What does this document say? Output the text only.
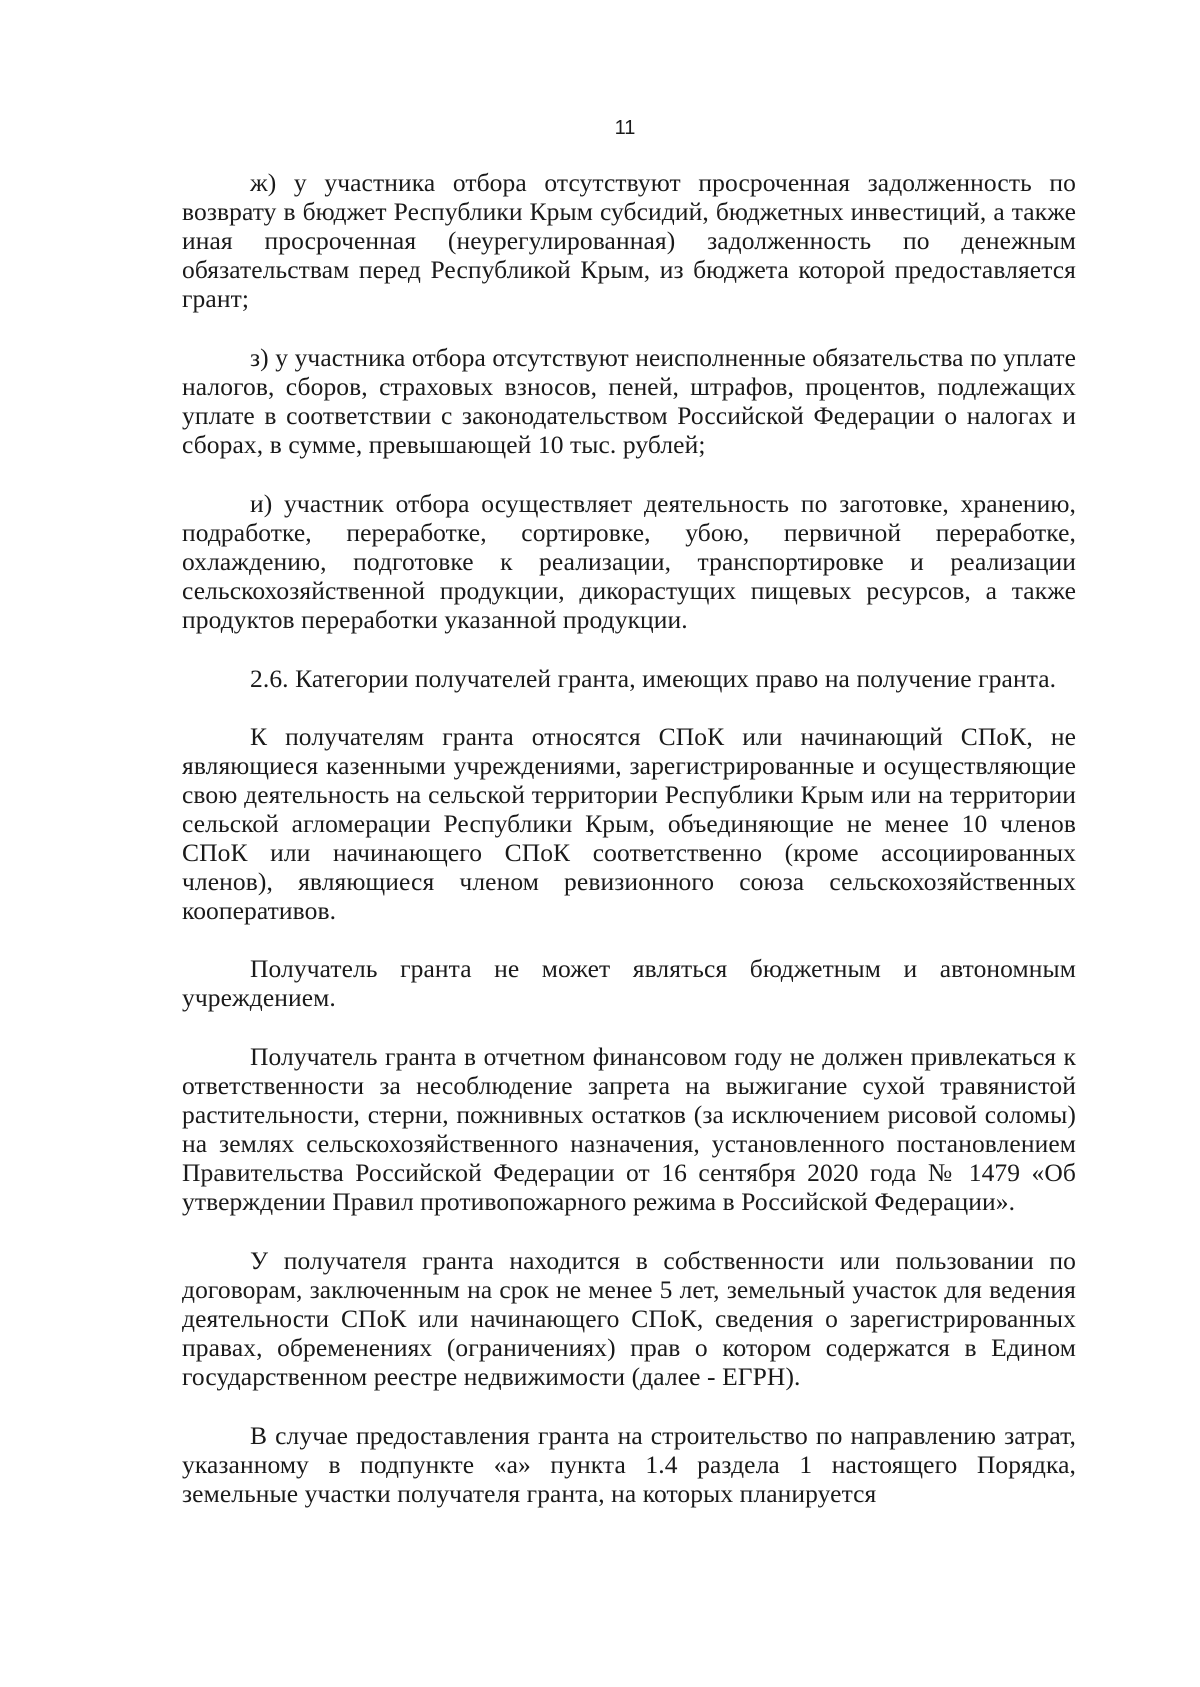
11

ж) у участника отбора отсутствуют просроченная задолженность по возврату в бюджет Республики Крым субсидий, бюджетных инвестиций, а также иная просроченная (неурегулированная) задолженность по денежным обязательствам перед Республикой Крым, из бюджета которой предоставляется грант;

з) у участника отбора отсутствуют неисполненные обязательства по уплате налогов, сборов, страховых взносов, пеней, штрафов, процентов, подлежащих уплате в соответствии с законодательством Российской Федерации о налогах и сборах, в сумме, превышающей 10 тыс. рублей;

и) участник отбора осуществляет деятельность по заготовке, хранению, подработке, переработке, сортировке, убою, первичной переработке, охлаждению, подготовке к реализации, транспортировке и реализации сельскохозяйственной продукции, дикорастущих пищевых ресурсов, а также продуктов переработки указанной продукции.

2.6. Категории получателей гранта, имеющих право на получение гранта.

К получателям гранта относятся СПоК или начинающий СПоК, не являющиеся казенными учреждениями, зарегистрированные и осуществляющие свою деятельность на сельской территории Республики Крым или на территории сельской агломерации Республики Крым, объединяющие не менее 10 членов СПоК или начинающего СПоК соответственно (кроме ассоциированных членов), являющиеся членом ревизионного союза сельскохозяйственных кооперативов.

Получатель гранта не может являться бюджетным и автономным учреждением.

Получатель гранта в отчетном финансовом году не должен привлекаться к ответственности за несоблюдение запрета на выжигание сухой травянистой растительности, стерни, пожнивных остатков (за исключением рисовой соломы) на землях сельскохозяйственного назначения, установленного постановлением Правительства Российской Федерации от 16 сентября 2020 года № 1479 «Об утверждении Правил противопожарного режима в Российской Федерации».

У получателя гранта находится в собственности или пользовании по договорам, заключенным на срок не менее 5 лет, земельный участок для ведения деятельности СПоК или начинающего СПоК, сведения о зарегистрированных правах, обременениях (ограничениях) прав о котором содержатся в Едином государственном реестре недвижимости (далее - ЕГРН).

В случае предоставления гранта на строительство по направлению затрат, указанному в подпункте «а» пункта 1.4 раздела 1 настоящего Порядка, земельные участки получателя гранта, на которых планируется
